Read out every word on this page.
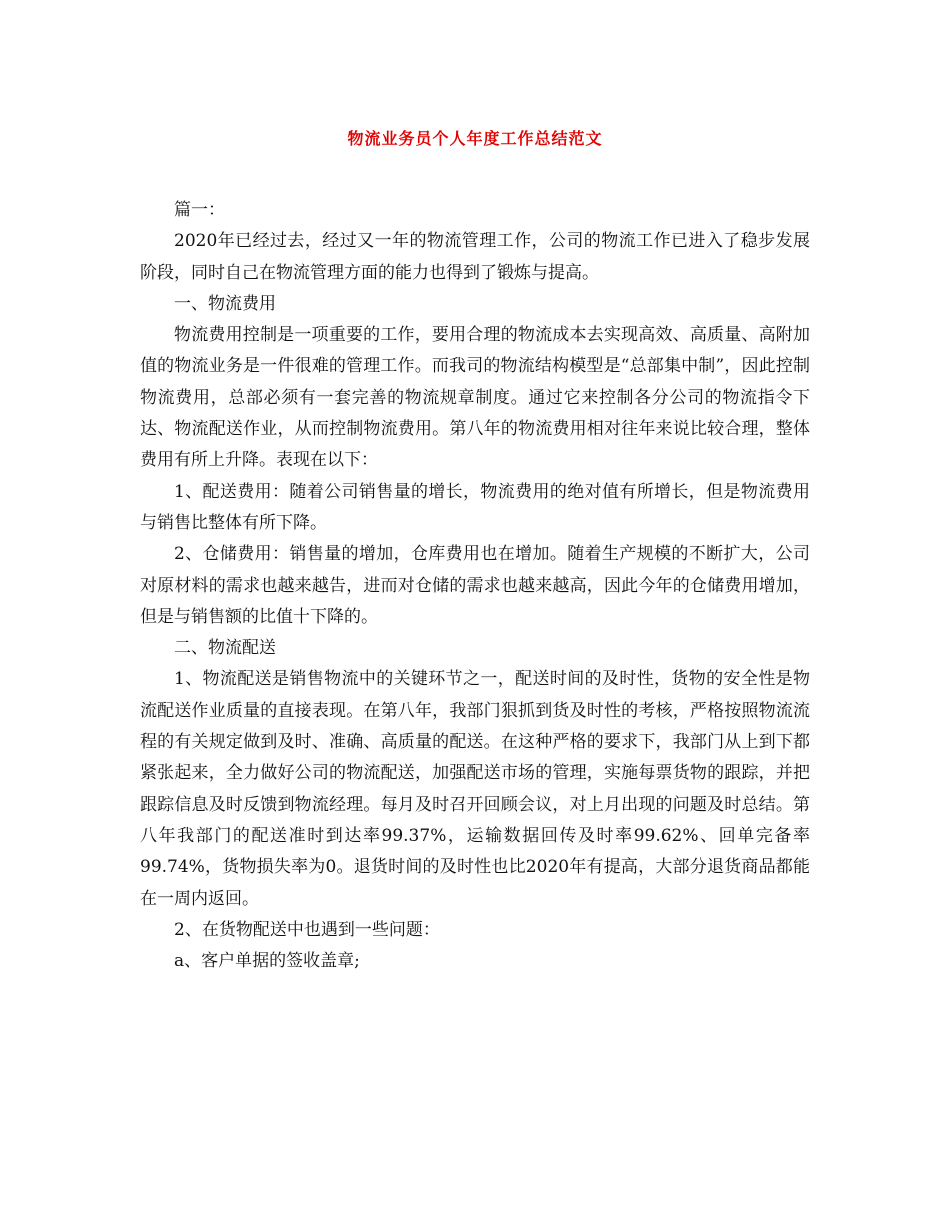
物流业务员个人年度工作总结范文

篇一：

2020年已经过去，经过又一年的物流管理工作，公司的物流工作已进入了稳步发展阶段，同时自己在物流管理方面的能力也得到了锻炼与提高。

一、物流费用

物流费用控制是一项重要的工作，要用合理的物流成本去实现高效、高质量、高附加值的物流业务是一件很难的管理工作。而我司的物流结构模型是“总部集中制”，因此控制物流费用，总部必须有一套完善的物流规章制度。通过它来控制各分公司的物流指令下达、物流配送作业，从而控制物流费用。第八年的物流费用相对往年来说比较合理，整体费用有所上升降。表现在以下：

1、配送费用：随着公司销售量的增长，物流费用的绝对值有所增长，但是物流费用与销售比整体有所下降。

2、仓储费用：销售量的增加，仓库费用也在增加。随着生产规模的不断扩大，公司对原材料的需求也越来越告，进而对仓储的需求也越来越高，因此今年的仓储费用增加，但是与销售额的比值十下降的。

二、物流配送

1、物流配送是销售物流中的关键环节之一，配送时间的及时性，货物的安全性是物流配送作业质量的直接表现。在第八年，我部门狠抓到货及时性的考核，严格按照物流流程的有关规定做到及时、准确、高质量的配送。在这种严格的要求下，我部门从上到下都紧张起来，全力做好公司的物流配送，加强配送市场的管理，实施每票货物的跟踪，并把跟踪信息及时反馈到物流经理。每月及时召开回顾会议，对上月出现的问题及时总结。第八年我部门的配送准时到达率99.37%，运输数据回传及时率99.62%、回单完备率99.74%，货物损失率为0。退货时间的及时性也比2020年有提高，大部分退货商品都能在一周内返回。

2、在货物配送中也遇到一些问题：

a、客户单据的签收盖章;
